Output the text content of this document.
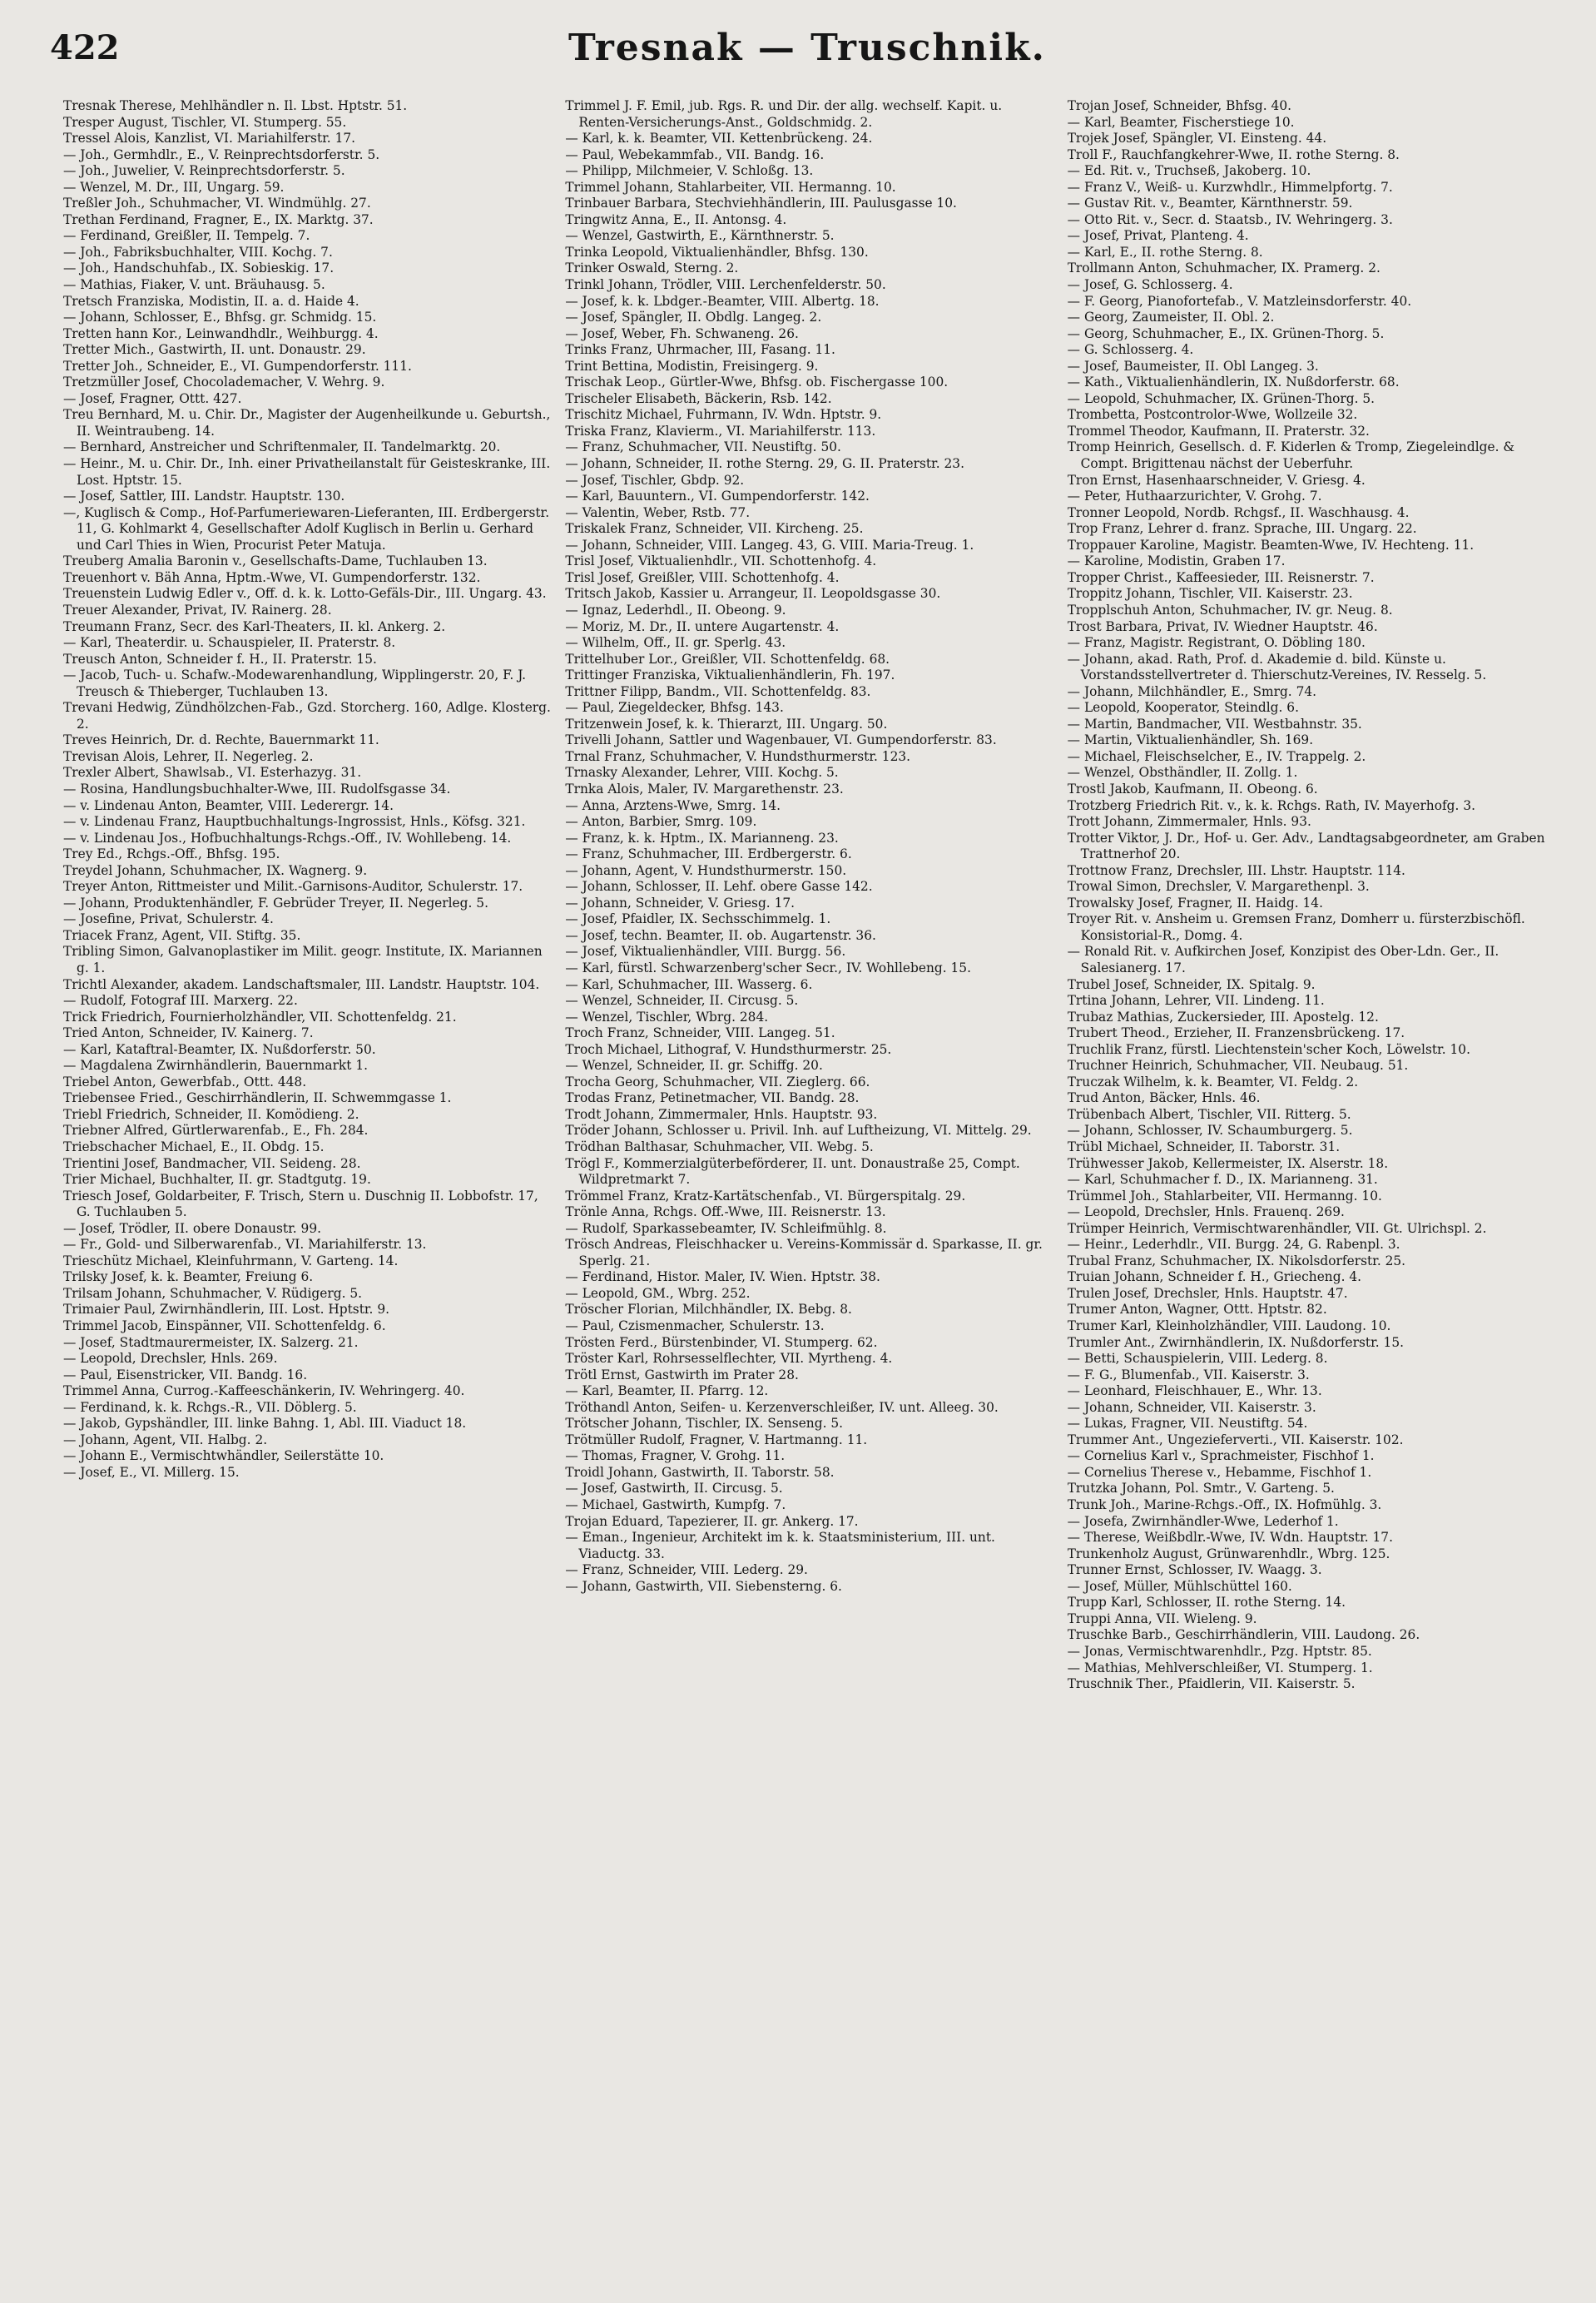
422	Tresnak — Truschnik.

Tresnak Therese, Mehlhändler n. Il. Lbst. Hptstr. 51.

Tresper August, Tischler, VI. Stumperg. 55.

Tressel Alois, Kanzlist, VI. Mariahilferstr. 17.

— Joh., Germhdlr., E., V. Reinprechtsdorferstr. 5.

— Joh., Juwelier, V. Reinprechtsdorferstr. 5.

— Wenzel, M. Dr., III, Ungarg. 59.

Treßler Joh., Schuhmacher, VI. Windmühlg. 27.

Trethan Ferdinand, Fragner, E., IX. Marktg. 37.

— Ferdinand, Greißler, II. Tempelg. 7.

— Joh., Fabriksbuchhalter, VIII. Kochg. 7.

— Joh., Handschuhfab., IX. Sobieskig. 17.

— Mathias, Fiaker, V. unt. Bräuhausg. 5.

Tretsch Franziska, Modistin, II. a. d. Haide 4.

— Johann, Schlosser, E., Bhfsg. gr. Schmidg. 15.

Tretten hann Kor., Leinwandhdlr., Weihburgg. 4.

Tretter Mich., Gastwirth, II. unt. Donaustr. 29.

Tretter Joh., Schneider, E., VI. Gumpendorferstr. 111.

Tretzmüller Josef, Chocolademacher, V. Wehrg. 9.

— Josef, Fragner, Ottt. 427.

Treu Bernhard, M. u. Chir. Dr., Magister der Augenheilkunde u. Geburtsh., II. Weintraubeng. 14.

— Bernhard, Anstreicher und Schriftenmaler, II. Tandelmarktg. 20.

— Heinr., M. u. Chir. Dr., Inh. einer Privatheilanstalt für Geisteskranke, III. Lost. Hptstr. 15.

— Josef, Sattler, III. Landstr. Hauptstr. 130.

—, Kuglisch & Comp., Hof-Parfumeriewaren-Lieferanten, III. Erdbergerstr. 11, G. Kohlmarkt 4, Gesellschafter Adolf Kuglisch in Berlin u. Gerhard und Carl Thies in Wien, Procurist Peter Matuja.

Treuberg Amalia Baronin v., Gesellschafts-Dame, Tuchlauben 13.

Treuenhort v. Bäh Anna, Hptm.-Wwe, VI. Gumpendorferstr. 132.

Treuenstein Ludwig Edler v., Off. d. k. k. Lotto-Gefäls-Dir., III. Ungarg. 43.

Treuer Alexander, Privat, IV. Rainerg. 28.

Treumann Franz, Secr. des Karl-Theaters, II. kl. Ankerg. 2.

— Karl, Theaterdir. u. Schauspieler, II. Praterstr. 8.

Treusch Anton, Schneider f. H., II. Praterstr. 15.

— Jacob, Tuch- u. Schafw.-Modewarenhandlung, Wipplingerstr. 20, F. J. Treusch & Thieberger, Tuchlauben 13.

Trevani Hedwig, Zündhölzchen-Fab., Gzd. Storcherg. 160, Adlge. Klosterg. 2.

Treves Heinrich, Dr. d. Rechte, Bauernmarkt 11.

Trevisan Alois, Lehrer, II. Negerleg. 2.

Trexler Albert, Shawlsab., VI. Esterhazyg. 31.

— Rosina, Handlungsbuchhalter-Wwe, III. Rudolfsgasse 34.

— v. Lindenau Anton, Beamter, VIII. Lederergr. 14.

— v. Lindenau Franz, Hauptbuchhaltungs-Ingrossist, Hnls., Köfsg. 321.

— v. Lindenau Jos., Hofbuchhaltungs-Rchgs.-Off., IV. Wohllebeng. 14.

Trey Ed., Rchgs.-Off., Bhfsg. 195.

Treydel Johann, Schuhmacher, IX. Wagnerg. 9.

Treyer Anton, Rittmeister und Milit.-Garnisons-Auditor, Schulerstr. 17.

— Johann, Produktenhändler, F. Gebrüder Treyer, II. Negerleg. 5.

— Josefine, Privat, Schulerstr. 4.

Triacek Franz, Agent, VII. Stiftg. 35.

Tribling Simon, Galvanoplastiker im Milit. geogr. Institute, IX. Mariannen g. 1.

Trichtl Alexander, akadem. Landschaftsmaler, III. Landstr. Hauptstr. 104.

— Rudolf, Fotograf III. Marxerg. 22.

Trick Friedrich, Fournierholzhändler, VII. Schottenfeldg. 21.

Tried Anton, Schneider, IV. Kainerg. 7.

— Karl, Kataftral-Beamter, IX. Nußdorferstr. 50.

— Magdalena Zwirnhändlerin, Bauernmarkt 1.

Triebel Anton, Gewerbfab., Ottt. 448.

Triebensee Fried., Geschirrhändlerin, II. Schwemmgasse 1.

Triebl Friedrich, Schneider, II. Komödieng. 2.

Triebner Alfred, Gürtlerwarenfab., E., Fh. 284.

Triebschacher Michael, E., II. Obdg. 15.

Trientini Josef, Bandmacher, VII. Seideng. 28.

Trier Michael, Buchhalter, II. gr. Stadtgutg. 19.

Triesch Josef, Goldarbeiter, F. Trisch, Stern u. Duschnig II. Lobbofstr. 17, G. Tuchlauben 5.

— Josef, Trödler, II. obere Donaustr. 99.

— Fr., Gold- und Silberwarenfab., VI. Mariahilferstr. 13.

Trieschütz Michael, Kleinfuhrmann, V. Garteng. 14.

Trilsky Josef, k. k. Beamter, Freiung 6.

Trilsam Johann, Schuhmacher, V. Rüdigerg. 5.

Trimaier Paul, Zwirnhändlerin, III. Lost. Hptstr. 9.

Trimmel Jacob, Einspänner, VII. Schottenfeldg. 6.

— Josef, Stadtmaurermeister, IX. Salzerg. 21.

— Leopold, Drechsler, Hnls. 269.

— Paul, Eisenstricker, VII. Bandg. 16.

Trimmel Anna, Currog.-Kaffeeschänkerin, IV. Wehringerg. 40.

— Ferdinand, k. k. Rchgs.-R., VII. Döblerg. 5.

— Jakob, Gypshändler, III. linke Bahng. 1, Abl. III. Viaduct 18.

— Johann, Agent, VII. Halbg. 2.

— Johann E., Vermischtwhändler, Seilerstätte 10.

— Josef, E., VI. Millerg. 15.

Trimmel J. F. Emil, jub. Rgs. R. und Dir. der allg. wechself. Kapit. u. Renten-Versicherungs-Anst., Goldschmidg. 2.

— Karl, k. k. Beamter, VII. Kettenbrückeng. 24.

— Paul, Webekammfab., VII. Bandg. 16.

— Philipp, Milchmeier, V. Schloßg. 13.

Trimmel Johann, Stahlarbeiter, VII. Hermanng. 10.

Trinbauer Barbara, Stechviehhändlerin, III. Paulusgasse 10.

Tringwitz Anna, E., II. Antonsg. 4.

— Wenzel, Gastwirth, E., Kärnthnerstr. 5.

Trinka Leopold, Viktualienhändler, Bhfsg. 130.

Trinker Oswald, Sterng. 2.

Trinkl Johann, Trödler, VIII. Lerchenfelderstr. 50.

— Josef, k. k. Lbdger.-Beamter, VIII. Albertg. 18.

— Josef, Spängler, II. Obdlg. Langeg. 2.

— Josef, Weber, Fh. Schwaneng. 26.

Trinks Franz, Uhrmacher, III, Fasang. 11.

Trint Bettina, Modistin, Freisingerg. 9.

Trischak Leop., Gürtler-Wwe, Bhfsg. ob. Fischergasse 100.

Trischeler Elisabeth, Bäckerin, Rsb. 142.

Trischitz Michael, Fuhrmann, IV. Wdn. Hptstr. 9.

Triska Franz, Klavierm., VI. Mariahilferstr. 113.

— Franz, Schuhmacher, VII. Neustiftg. 50.

— Johann, Schneider, II. rothe Sterng. 29, G. II. Praterstr. 23.

— Josef, Tischler, Gbdp. 92.

— Karl, Bauuntern., VI. Gumpendorferstr. 142.

— Valentin, Weber, Rstb. 77.

Triskalek Franz, Schneider, VII. Kircheng. 25.

— Johann, Schneider, VIII. Langeg. 43, G. VIII. Maria-Treug. 1.

Trisl Josef, Viktualienhdlr., VII. Schottenhofg. 4.

Trisl Josef, Greißler, VIII. Schottenhofg. 4.

Tritsch Jakob, Kassier u. Arrangeur, II. Leopoldsgasse 30.

— Ignaz, Lederhdl., II. Obeong. 9.

— Moriz, M. Dr., II. untere Augartenstr. 4.

— Wilhelm, Off., II. gr. Sperlg. 43.

Trittelhuber Lor., Greißler, VII. Schottenfeldg. 68.

Trittinger Franziska, Viktualienhändlerin, Fh. 197.

Trittner Filipp, Bandm., VII. Schottenfeldg. 83.

— Paul, Ziegeldecker, Bhfsg. 143.

Tritzenwein Josef, k. k. Thierarzt, III. Ungarg. 50.

Trivelli Johann, Sattler und Wagenbauer, VI. Gumpendorferstr. 83.

Trnal Franz, Schuhmacher, V. Hundsthurmerstr. 123.

Trnasky Alexander, Lehrer, VIII. Kochg. 5.

Trnka Alois, Maler, IV. Margarethenstr. 23.

— Anna, Arztens-Wwe, Smrg. 14.

— Anton, Barbier, Smrg. 109.

— Franz, k. k. Hptm., IX. Marianneng. 23.

— Franz, Schuhmacher, III. Erdbergerstr. 6.

— Johann, Agent, V. Hundsthurmerstr. 150.

— Johann, Schlosser, II. Lehf. obere Gasse 142.

— Johann, Schneider, V. Griesg. 17.

— Josef, Pfaidler, IX. Sechsschimmelg. 1.

— Josef, techn. Beamter, II. ob. Augartenstr. 36.

— Josef, Viktualienhändler, VIII. Burgg. 56.

— Karl, fürstl. Schwarzenberg'scher Secr., IV. Wohllebeng. 15.

— Karl, Schuhmacher, III. Wasserg. 6.

— Wenzel, Schneider, II. Circusg. 5.

— Wenzel, Tischler, Wbrg. 284.

Troch Franz, Schneider, VIII. Langeg. 51.

Troch Michael, Lithograf, V. Hundsthurmerstr. 25.

— Wenzel, Schneider, II. gr. Schiffg. 20.

Trocha Georg, Schuhmacher, VII. Zieglerg. 66.

Trodas Franz, Petinetmacher, VII. Bandg. 28.

Trodt Johann, Zimmermaler, Hnls. Hauptstr. 93.

Tröder Johann, Schlosser u. Privil. Inh. auf Luftheizung, VI. Mittelg. 29.

Trödhan Balthasar, Schuhmacher, VII. Webg. 5.

Trögl F., Kommerzialgüterbeförderer, II. unt. Donaustraße 25, Compt. Wildpretmarkt 7.

Trömmel Franz, Kratz-Kartätschenfab., VI. Bürgerspitalg. 29.

Trönle Anna, Rchgs. Off.-Wwe, III. Reisnerstr. 13.

— Rudolf, Sparkassebeamter, IV. Schleifmühlg. 8.

Trösch Andreas, Fleischhacker u. Vereins-Kommissär d. Sparkasse, II. gr. Sperlg. 21.

— Ferdinand, Histor. Maler, IV. Wien. Hptstr. 38.

— Leopold, GM., Wbrg. 252.

Tröscher Florian, Milchhändler, IX. Bebg. 8.

— Paul, Czismenmacher, Schulerstr. 13.

Trösten Ferd., Bürstenbinder, VI. Stumperg. 62.

Tröster Karl, Rohrsesselflechter, VII. Myrtheng. 4.

Trötl Ernst, Gastwirth im Prater 28.

— Karl, Beamter, II. Pfarrg. 12.

Tröthandl Anton, Seifen- u. Kerzenverschleißer, IV. unt. Alleeg. 30.

Trötscher Johann, Tischler, IX. Senseng. 5.

Trötmüller Rudolf, Fragner, V. Hartmanng. 11.

— Thomas, Fragner, V. Grohg. 11.

Troidl Johann, Gastwirth, II. Taborstr. 58.

— Josef, Gastwirth, II. Circusg. 5.

— Michael, Gastwirth, Kumpfg. 7.

Trojan Eduard, Tapezierer, II. gr. Ankerg. 17.

— Eman., Ingenieur, Architekt im k. k. Staatsministerium, III. unt. Viaductg. 33.

— Franz, Schneider, VIII. Lederg. 29.

— Johann, Gastwirth, VII. Siebensterng. 6.

Trojan Josef, Schneider, Bhfsg. 40.

— Karl, Beamter, Fischerstiege 10.

Trojek Josef, Spängler, VI. Einsteng. 44.

Troll F., Rauchfangkehrer-Wwe, II. rothe Sterng. 8.

— Ed. Rit. v., Truchseß, Jakoberg. 10.

— Franz V., Weiß- u. Kurzwhdlr., Himmelpfortg. 7.

— Gustav Rit. v., Beamter, Kärnthnerstr. 59.

— Otto Rit. v., Secr. d. Staatsb., IV. Wehringerg. 3.

— Josef, Privat, Planteng. 4.

— Karl, E., II. rothe Sterng. 8.

Trollmann Anton, Schuhmacher, IX. Pramerg. 2.

— Josef, G. Schlosserg. 4.

— F. Georg, Pianofortefab., V. Matzleinsdorferstr. 40.

— Georg, Zaumeister, II. Obl. 2.

— Georg, Schuhmacher, E., IX. Grünen-Thorg. 5.

— G. Schlosserg. 4.

— Josef, Baumeister, II. Obl Langeg. 3.

— Kath., Viktualienhändlerin, IX. Nußdorferstr. 68.

— Leopold, Schuhmacher, IX. Grünen-Thorg. 5.

Trombetta, Postcontrolor-Wwe, Wollzeile 32.

Trommel Theodor, Kaufmann, II. Praterstr. 32.

Tromp Heinrich, Gesellsch. d. F. Kiderlen & Tromp, Ziegeleindlge. & Compt. Brigittenau nächst der Ueberfuhr.

Tron Ernst, Hasenhaarschneider, V. Griesg. 4.

— Peter, Huthaarzurichter, V. Grohg. 7.

Tronner Leopold, Nordb. Rchgsf., II. Waschhausg. 4.

Trop Franz, Lehrer d. franz. Sprache, III. Ungarg. 22.

Troppauer Karoline, Magistr. Beamten-Wwe, IV. Hechteng. 11.

— Karoline, Modistin, Graben 17.

Tropper Christ., Kaffeesieder, III. Reisnerstr. 7.

Troppitz Johann, Tischler, VII. Kaiserstr. 23.

Tropplschuh Anton, Schuhmacher, IV. gr. Neug. 8.

Trost Barbara, Privat, IV. Wiedner Hauptstr. 46.

— Franz, Magistr. Registrant, O. Döbling 180.

— Johann, akad. Rath, Prof. d. Akademie d. bild. Künste u. Vorstandsstellvertreter d. Thierschutz-Vereines, IV. Resselg. 5.

— Johann, Milchhändler, E., Smrg. 74.

— Leopold, Kooperator, Steindlg. 6.

— Martin, Bandmacher, VII. Westbahnstr. 35.

— Martin, Viktualienhändler, Sh. 169.

— Michael, Fleischselcher, E., IV. Trappelg. 2.

— Wenzel, Obsthändler, II. Zollg. 1.

Trostl Jakob, Kaufmann, II. Obeong. 6.

Trotzberg Friedrich Rit. v., k. k. Rchgs. Rath, IV. Mayerhofg. 3.

Trott Johann, Zimmermaler, Hnls. 93.

Trotter Viktor, J. Dr., Hof- u. Ger. Adv., Landtagsabgeordneter, am Graben Trattnerhof 20.

Trottnow Franz, Drechsler, III. Lhstr. Hauptstr. 114.

Trowal Simon, Drechsler, V. Margarethenpl. 3.

Trowalsky Josef, Fragner, II. Haidg. 14.

Troyer Rit. v. Ansheim u. Gremsen Franz, Domherr u. fürsterzbischöfl. Konsistorial-R., Domg. 4.

— Ronald Rit. v. Aufkirchen Josef, Konzipist des Ober-Ldn. Ger., II. Salesianerg. 17.

Trubel Josef, Schneider, IX. Spitalg. 9.

Trtina Johann, Lehrer, VII. Lindeng. 11.

Trubaz Mathias, Zuckersieder, III. Apostelg. 12.

Trubert Theod., Erzieher, II. Franzensbrückeng. 17.

Truchlik Franz, fürstl. Liechtenstein'scher Koch, Löwelstr. 10.

Truchner Heinrich, Schuhmacher, VII. Neubaug. 51.

Truczak Wilhelm, k. k. Beamter, VI. Feldg. 2.

Trud Anton, Bäcker, Hnls. 46.

Trübenbach Albert, Tischler, VII. Ritterg. 5.

— Johann, Schlosser, IV. Schaumburgerg. 5.

Trübl Michael, Schneider, II. Taborstr. 31.

Trühwesser Jakob, Kellermeister, IX. Alserstr. 18.

— Karl, Schuhmacher f. D., IX. Marianneng. 31.

Trümmel Joh., Stahlarbeiter, VII. Hermanng. 10.

— Leopold, Drechsler, Hnls. Frauenq. 269.

Trümper Heinrich, Vermischtwarenhändler, VII. Gt. Ulrichspl. 2.

— Heinr., Lederhdlr., VII. Burgg. 24, G. Rabenpl. 3.

Trubal Franz, Schuhmacher, IX. Nikolsdorferstr. 25.

Truian Johann, Schneider f. H., Griecheng. 4.

Trulen Josef, Drechsler, Hnls. Hauptstr. 47.

Trumer Anton, Wagner, Ottt. Hptstr. 82.

Trumer Karl, Kleinholzhändler, VIII. Laudong. 10.

Trumler Ant., Zwirnhändlerin, IX. Nußdorferstr. 15.

— Betti, Schauspielerin, VIII. Lederg. 8.

— F. G., Blumenfab., VII. Kaiserstr. 3.

— Leonhard, Fleischhauer, E., Whr. 13.

— Johann, Schneider, VII. Kaiserstr. 3.

— Lukas, Fragner, VII. Neustiftg. 54.

Trummer Ant., Ungezieferverti., VII. Kaiserstr. 102.

— Cornelius Karl v., Sprachmeister, Fischhof 1.

— Cornelius Therese v., Hebamme, Fischhof 1.

Trutzka Johann, Pol. Smtr., V. Garteng. 5.

Trunk Joh., Marine-Rchgs.-Off., IX. Hofmühlg. 3.

— Josefa, Zwirnhändler-Wwe, Lederhof 1.

— Therese, Weißbdlr.-Wwe, IV. Wdn. Hauptstr. 17.

Trunkenholz August, Grünwarenhdlr., Wbrg. 125.

Trunner Ernst, Schlosser, IV. Waagg. 3.

— Josef, Müller, Mühlschüttel 160.

Trupp Karl, Schlosser, II. rothe Sterng. 14.

Truppi Anna, VII. Wieleng. 9.

Truschke Barb., Geschirrhändlerin, VIII. Laudong. 26.

— Jonas, Vermischtwarenhdlr., Pzg. Hptstr. 85.

— Mathias, Mehlverschleißer, VI. Stumperg. 1.

Truschnik Ther., Pfaidlerin, VII. Kaiserstr. 5.
